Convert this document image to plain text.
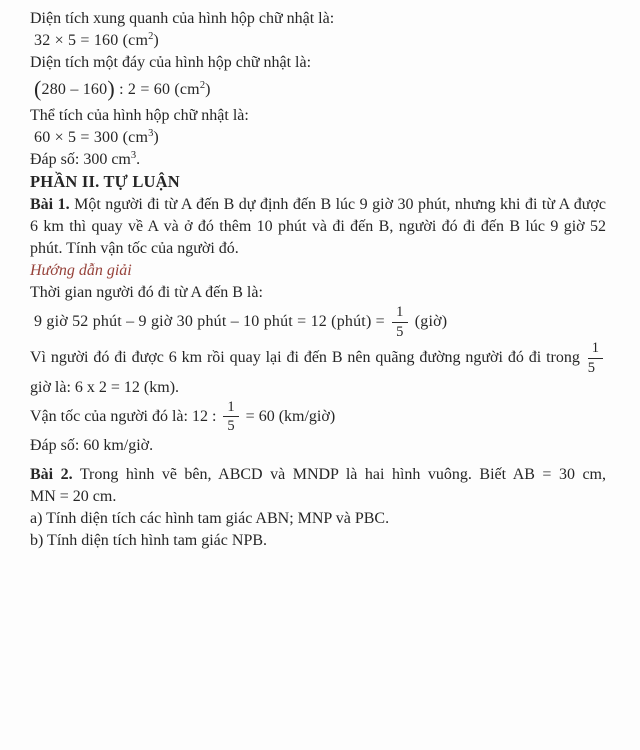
Diện tích xung quanh của hình hộp chữ nhật là:

32 × 5 = 160 $(cm^2)$

Diện tích một đáy của hình hộp chữ nhật là:

(280 – 160) : 2 = 60 $(cm^2)$

Thể tích của hình hộp chữ nhật là:

60 × 5 = 300 $(cm^3)$

Đáp số: 300 $cm^3$.

PHẦN II. TỰ LUẬN

Bài 1. Một người đi từ A đến B dự định đến B lúc 9 giờ 30 phút, nhưng khi đi từ A được 6 km thì quay về A và ở đó thêm 10 phút và đi đến B, người đó đi đến B lúc 9 giờ 52 phút. Tính vận tốc của người đó.

Hướng dẫn giải

Thời gian người đó đi từ A đến B là:

9 giờ 52 phút – 9 giờ 30 phút – 10 phút = 12 (phút) = $\frac{1}{5}$ (giờ)

Vì người đó đi được 6 km rồi quay lại đi đến B nên quãng đường người đó đi trong $\frac{1}{5}$

giờ là: 6 x 2 = 12 (km).

Vận tốc của người đó là: 12 : $\frac{1}{5} = 60$ (km/giờ)

Đáp số: 60 km/giờ.

Bài 2. Trong hình vẽ bên, ABCD và MNDP là hai hình vuông. Biết AB = 30 cm,

MN = 20 cm.

a) Tính diện tích các hình tam giác ABN; MNP và PBC.

b) Tính diện tích hình tam giác NPB.
